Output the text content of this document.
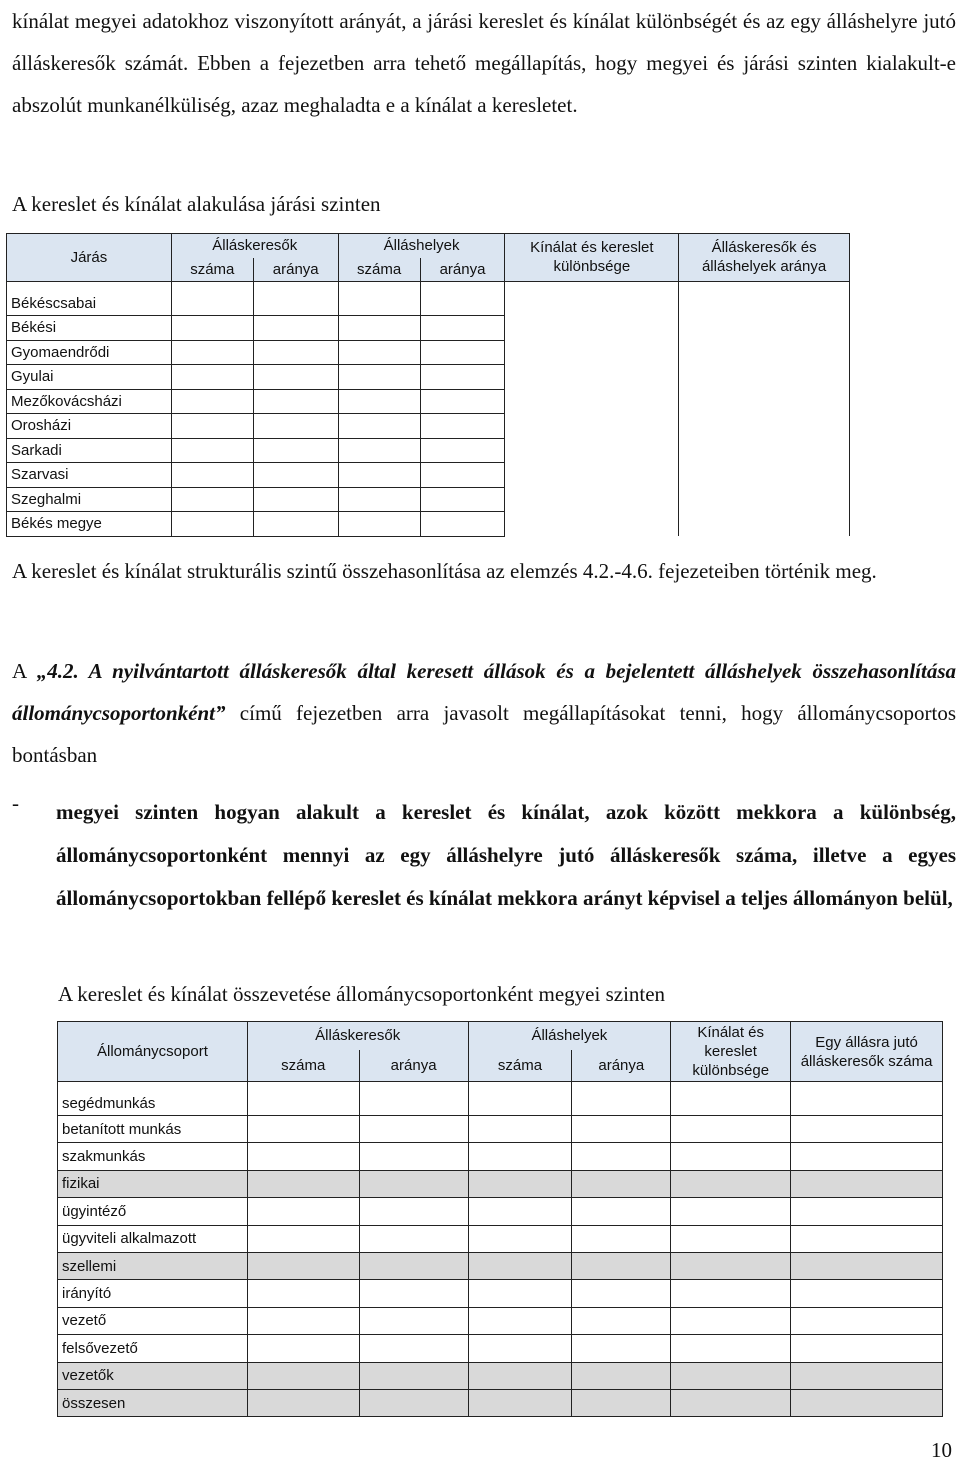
kínálat megyei adatokhoz viszonyított arányát, a járási kereslet és kínálat különbségét és az egy álláshelyre jutó álláskeresők számát. Ebben a fejezetben arra tehető megállapítás, hogy megyei és járási szinten kialakult-e abszolút munkanélküliség, azaz meghaladta e a kínálat a keresletet.
A kereslet és kínálat alakulása járási szinten
Járás	Álláskeresők		Álláshelyek		Kínálat és kereslet különbsége	Álláskeresők és álláshelyek aránya
	száma	aránya	száma	aránya		
Békéscsabai						
Békési						
Gyomaendrődi						
Gyulai						
Mezőkovácsházi						
Orosházi						
Sarkadi						
Szarvasi						
Szeghalmi						
Békés megye						
A kereslet és kínálat strukturális szintű összehasonlítása az elemzés 4.2.-4.6. fejezeteiben történik meg.
A „4.2. A nyilvántartott álláskeresők által keresett állások és a bejelentett álláshelyek összehasonlítása állománycsoportonként” című fejezetben arra javasolt megállapításokat tenni, hogy állománycsoportos bontásban
- megyei szinten hogyan alakult a kereslet és kínálat, azok között mekkora a különbség, állománycsoportonként mennyi az egy álláshelyre jutó álláskeresők száma, illetve a egyes állománycsoportokban fellépő kereslet és kínálat mekkora arányt képvisel a teljes állományon belül,
A kereslet és kínálat összevetése állománycsoportonként megyei szinten
Állománycsoport	Álláskeresők		Álláshelyek		Kínálat és kereslet különbsége	Egy állásra jutó álláskeresők száma
	száma	aránya	száma	aránya		
segédmunkás						
betanított munkás						
szakmunkás						
fizikai						
ügyintéző						
ügyviteli alkalmazott						
szellemi						
irányító						
vezető						
felsővezető						
vezetők						
összesen						
10
